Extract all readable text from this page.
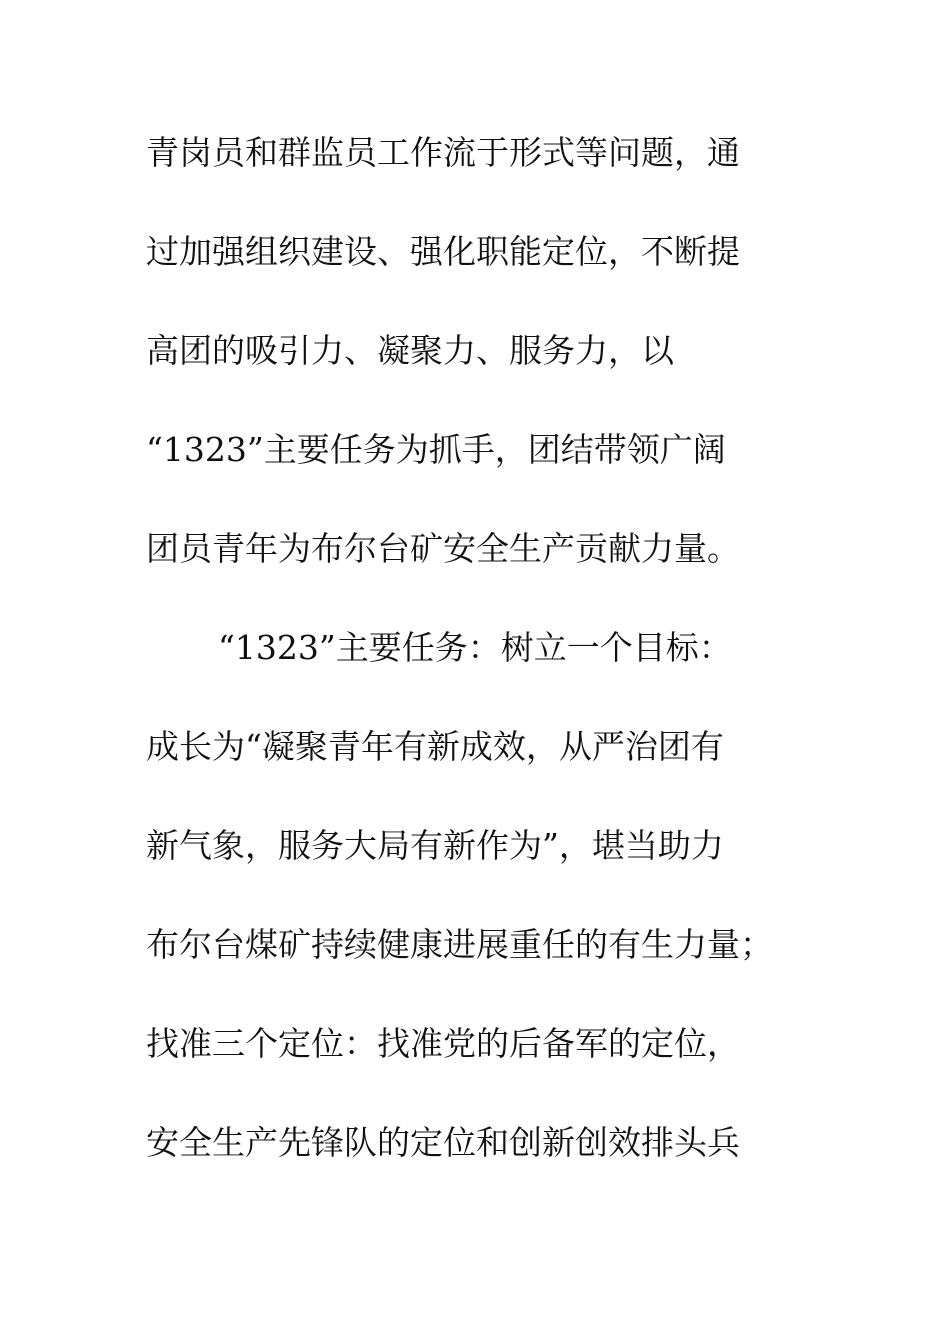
青岗员和群监员工作流于形式等问题，通
过加强组织建设、强化职能定位，不断提
高团的吸引力、凝聚力、服务力，以
“1323”主要任务为抓手，团结带领广阔
团员青年为布尔台矿安全生产贡献力量。
“1323”主要任务：树立一个目标：
成长为“凝聚青年有新成效，从严治团有
新气象，服务大局有新作为”，堪当助力
布尔台煤矿持续健康进展重任的有生力量；
找准三个定位：找准党的后备军的定位，
安全生产先锋队的定位和创新创效排头兵
